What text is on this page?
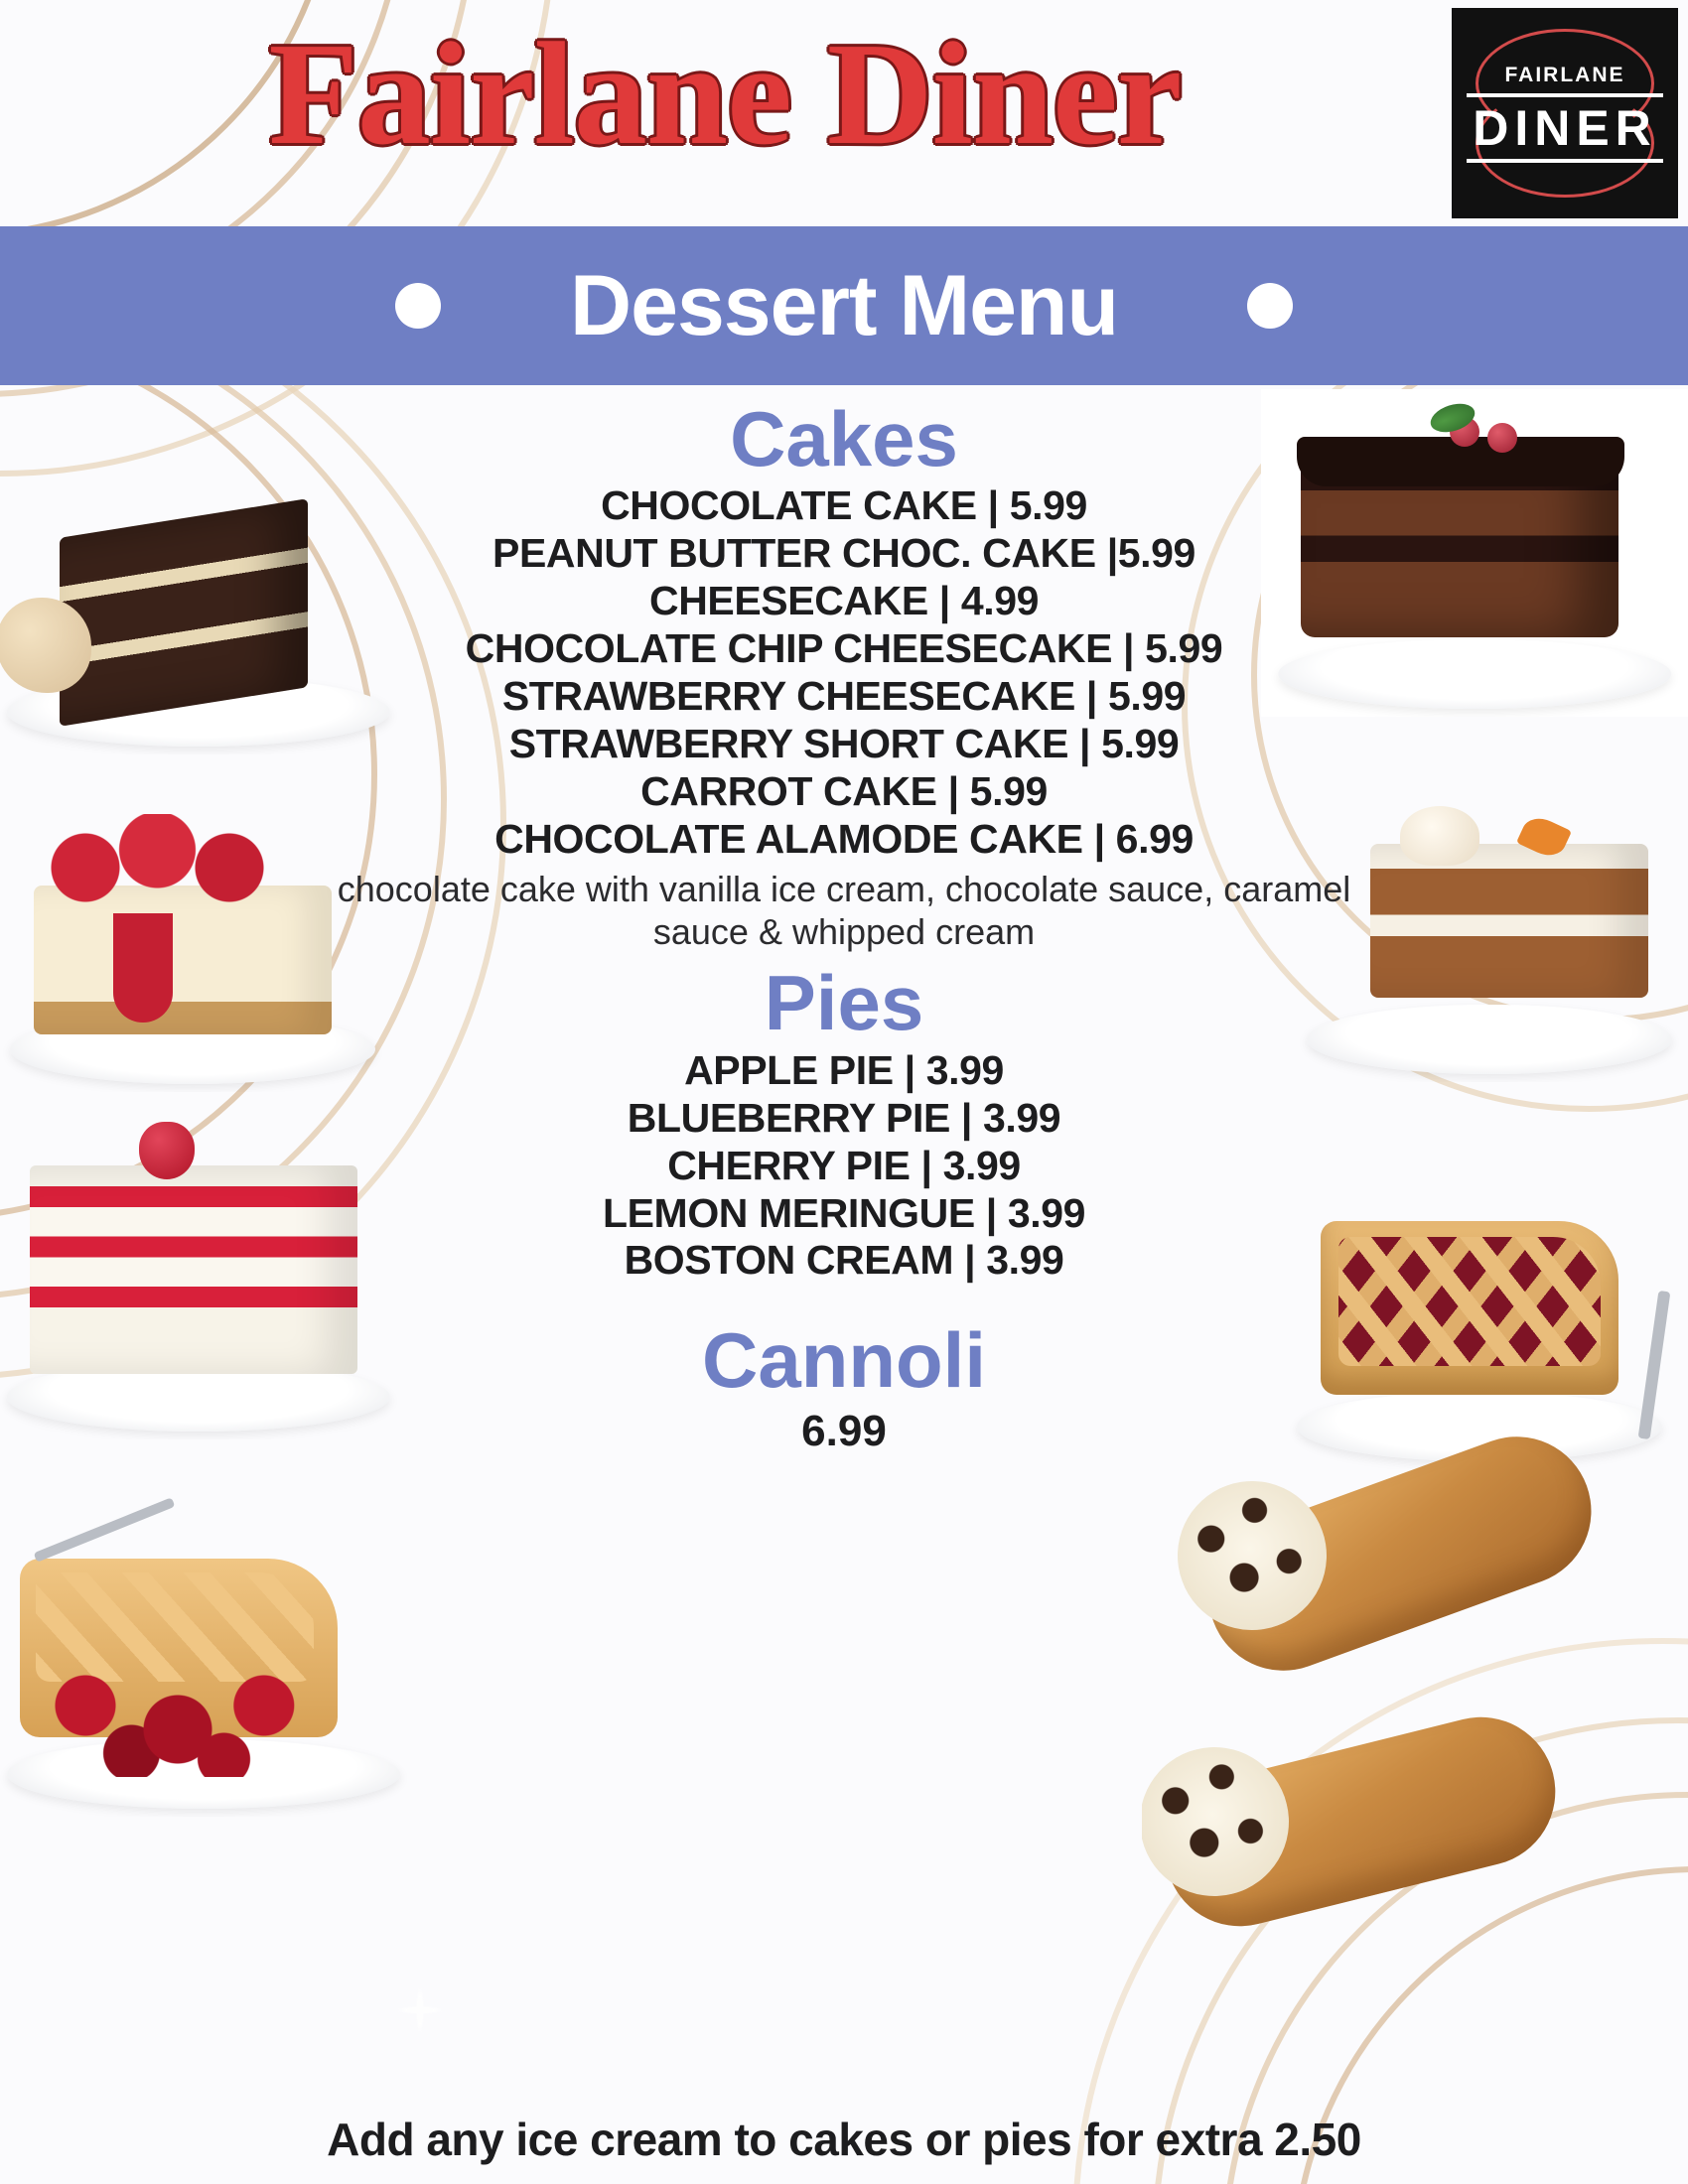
Fairlane Diner	FAIRLANE
DINER
Dessert Menu
Cakes
CHOCOLATE CAKE | 5.99
PEANUT BUTTER CHOC. CAKE |5.99
CHEESECAKE | 4.99
CHOCOLATE CHIP CHEESECAKE | 5.99
STRAWBERRY CHEESECAKE | 5.99
STRAWBERRY SHORT CAKE | 5.99
CARROT CAKE | 5.99
CHOCOLATE ALAMODE CAKE | 6.99
chocolate cake with vanilla ice cream, chocolate sauce, caramel sauce & whipped cream
Pies
APPLE PIE | 3.99
BLUEBERRY PIE | 3.99
CHERRY PIE | 3.99
LEMON MERINGUE | 3.99
BOSTON CREAM | 3.99
Cannoli
6.99
Add any ice cream to cakes or pies for extra 2.50
